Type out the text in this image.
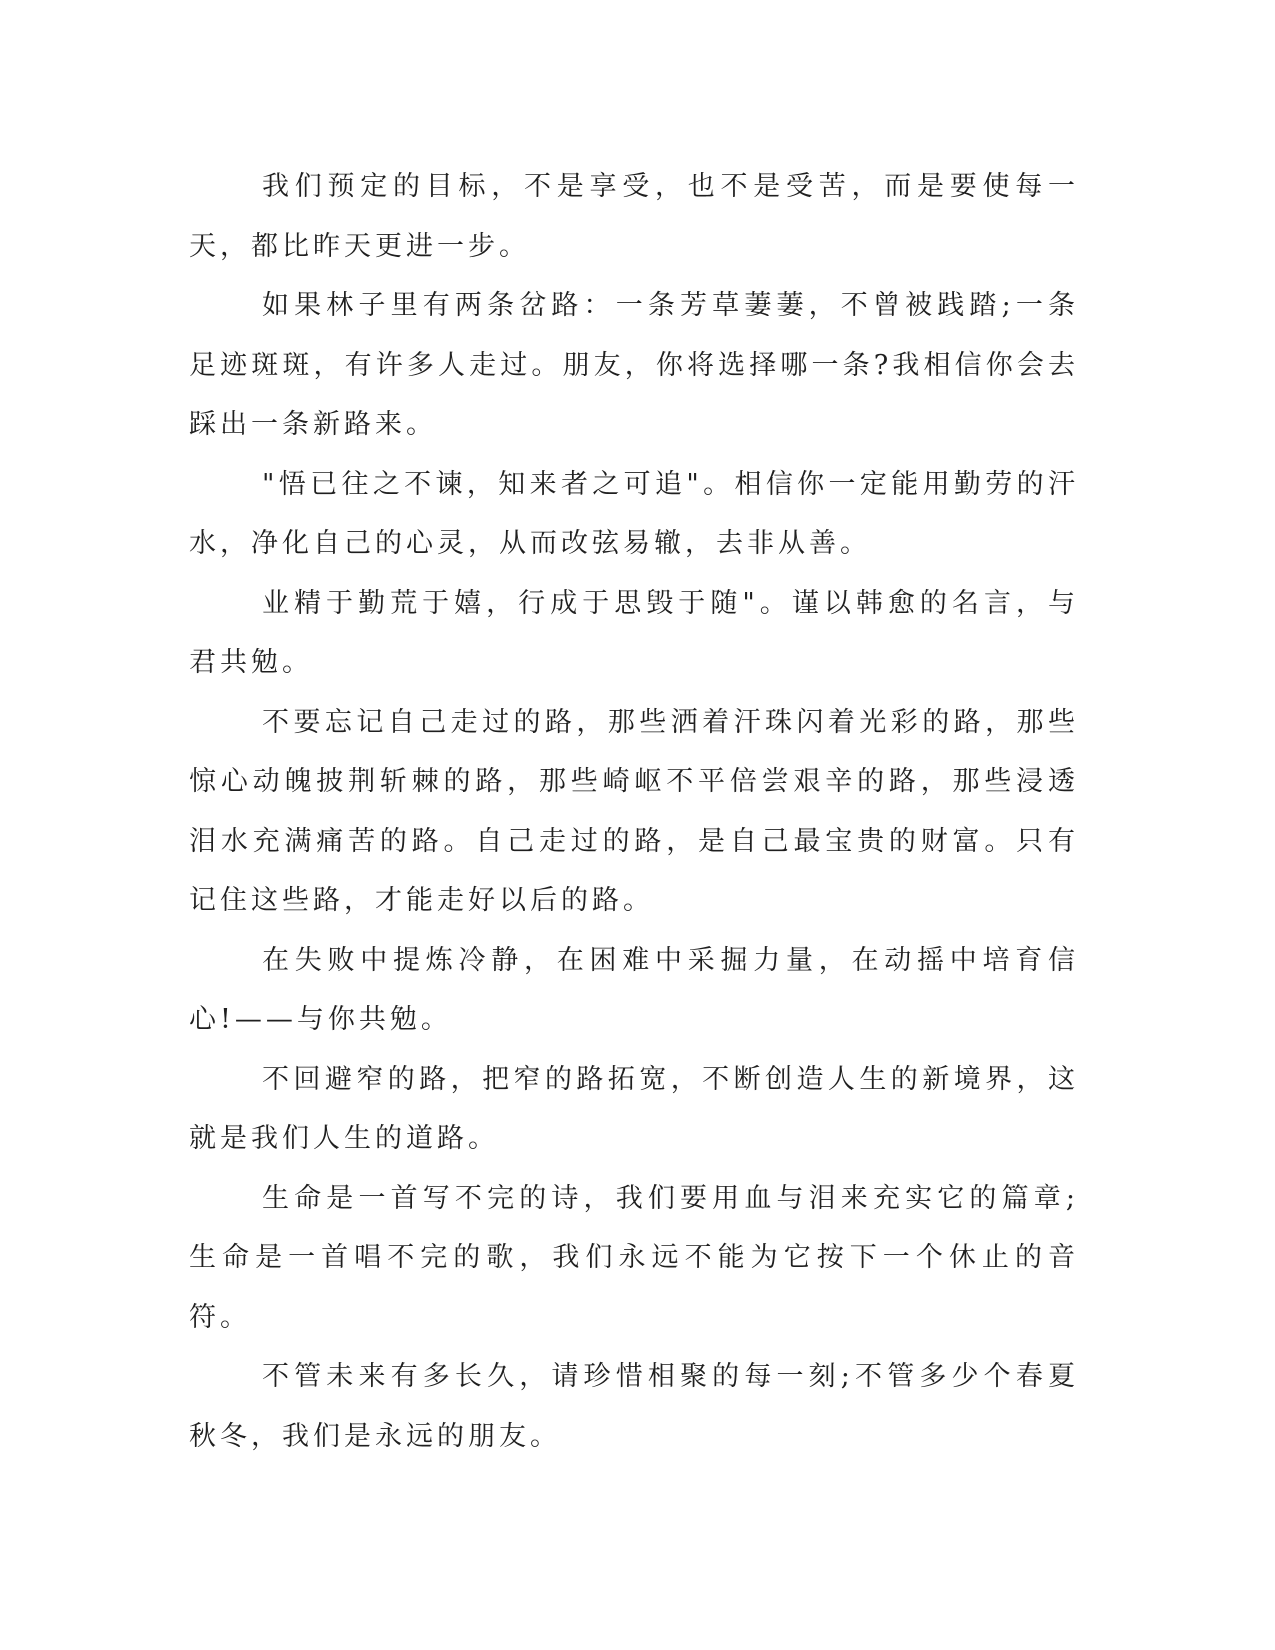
我们预定的目标，不是享受，也不是受苦，而是要使每一天，都比昨天更进一步。

如果林子里有两条岔路：一条芳草萋萋，不曾被践踏;一条足迹斑斑，有许多人走过。朋友，你将选择哪一条?我相信你会去踩出一条新路来。

"悟已往之不谏，知来者之可追"。相信你一定能用勤劳的汗水，净化自己的心灵，从而改弦易辙，去非从善。

业精于勤荒于嬉，行成于思毁于随"。谨以韩愈的名言，与君共勉。

不要忘记自己走过的路，那些洒着汗珠闪着光彩的路，那些惊心动魄披荆斩棘的路，那些崎岖不平倍尝艰辛的路，那些浸透泪水充满痛苦的路。自己走过的路，是自己最宝贵的财富。只有记住这些路，才能走好以后的路。

在失败中提炼冷静，在困难中采掘力量，在动摇中培育信心!——与你共勉。

不回避窄的路，把窄的路拓宽，不断创造人生的新境界，这就是我们人生的道路。

生命是一首写不完的诗，我们要用血与泪来充实它的篇章;生命是一首唱不完的歌，我们永远不能为它按下一个休止的音符。

不管未来有多长久，请珍惜相聚的每一刻;不管多少个春夏秋冬，我们是永远的朋友。
